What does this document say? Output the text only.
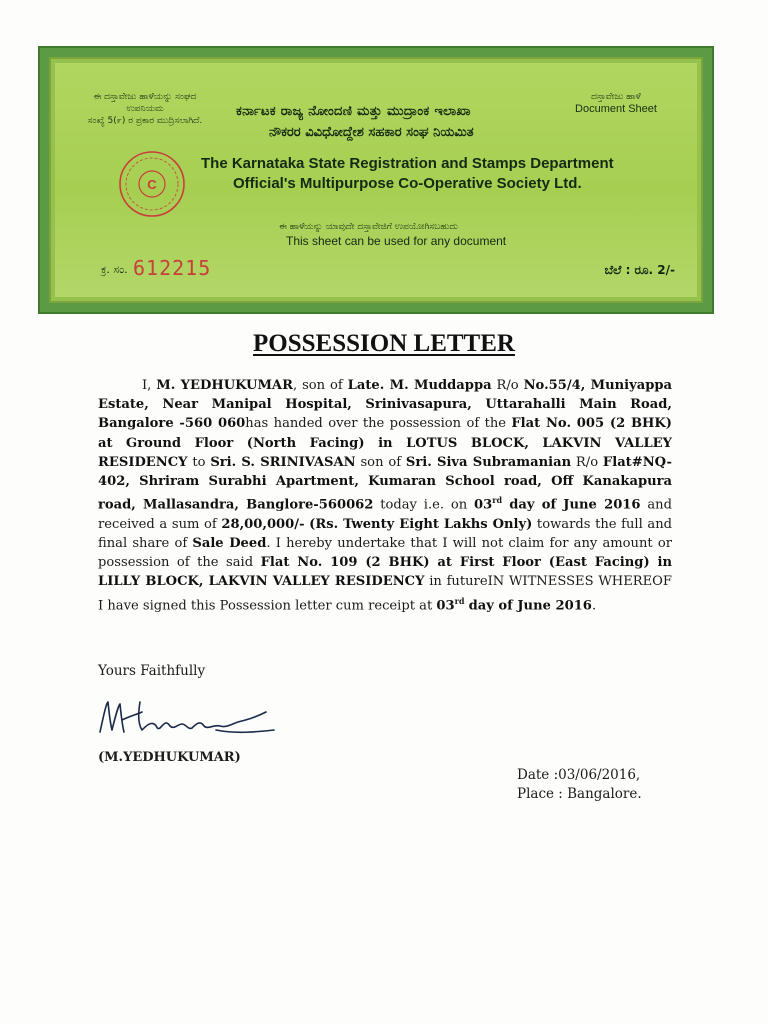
ಈ ದಸ್ತಾವೇಜು ಹಾಳೆಯನ್ನು ಸಂಘದ ಉಪನಿಯಮ
ಸಂಖ್ಯೆ 5(೯) ರ ಪ್ರಕಾರ ಮುದ್ರಿಸಲಾಗಿದೆ.
ದಸ್ತಾವೇಜು ಹಾಳೆ
Document Sheet
ಕರ್ನಾಟಕ ರಾಜ್ಯ ನೋಂದಣಿ ಮತ್ತು ಮುದ್ರಾಂಕ ಇಲಾಖಾ
ನೌಕರರ ವಿವಿಧೋದ್ದೇಶ ಸಹಕಾರ ಸಂಘ ನಿಯಮಿತ
C
The Karnataka State Registration and Stamps Department
Official's Multipurpose Co-Operative Society Ltd.
ಈ ಹಾಳೆಯನ್ನು ಯಾವುದೇ ದಸ್ತಾವೇಜಿಗೆ ಉಪಯೋಗಿಸಬಹುದು
This sheet can be used for any document
ಕ್ರ. ಸಂ. 612215	ಬೆಲೆ : ರೂ. 2/-
POSSESSION LETTER
I, M. YEDHUKUMAR, son of Late. M. Muddappa R/o No.55/4, Muniyappa Estate, Near Manipal Hospital, Srinivasapura, Uttarahalli Main Road, Bangalore -560 060has handed over the possession of the Flat No. 005 (2 BHK) at Ground Floor (North Facing) in LOTUS BLOCK, LAKVIN VALLEY RESIDENCY to Sri. S. SRINIVASAN son of Sri. Siva Subramanian R/o Flat#NQ-402, Shriram Surabhi Apartment, Kumaran School road, Off Kanakapura road, Mallasandra, Banglore-560062 today i.e. on 03rd day of June 2016 and received a sum of 28,00,000/- (Rs. Twenty Eight Lakhs Only) towards the full and final share of Sale Deed. I hereby undertake that I will not claim for any amount or possession of the said Flat No. 109 (2 BHK) at First Floor (East Facing) in LILLY BLOCK, LAKVIN VALLEY RESIDENCY in futureIN WITNESSES WHEREOF I have signed this Possession letter cum receipt at 03rd day of June 2016.
Yours Faithfully
(M.YEDHUKUMAR)
Date :03/06/2016,
Place : Bangalore.
